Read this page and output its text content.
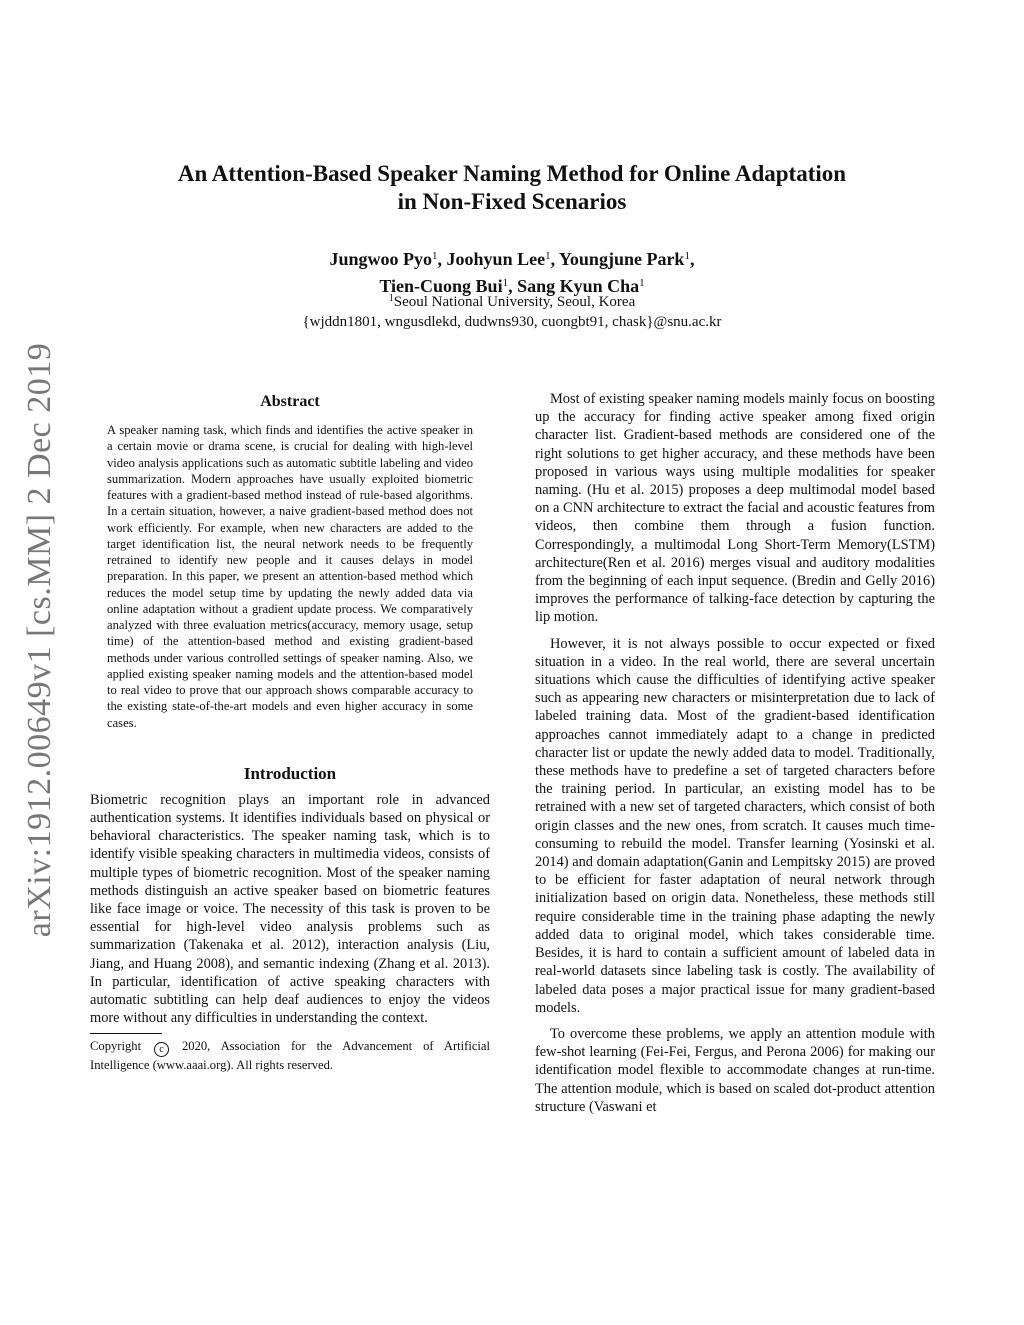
arXiv:1912.00649v1 [cs.MM] 2 Dec 2019
An Attention-Based Speaker Naming Method for Online Adaptation
in Non-Fixed Scenarios
Jungwoo Pyo$^1$, Joohyun Lee$^1$, Youngjune Park$^1$,
Tien-Cuong Bui$^1$, Sang Kyun Cha$^1$
$^1$Seoul National University, Seoul, Korea
{wjddn1801, wngusdlekd, dudwns930, cuongbt91, chask}@snu.ac.kr
Abstract

A speaker naming task, which finds and identifies the active speaker in a certain movie or drama scene, is crucial for dealing with high-level video analysis applications such as automatic subtitle labeling and video summarization. Modern approaches have usually exploited biometric features with a gradient-based method instead of rule-based algorithms. In a certain situation, however, a naive gradient-based method does not work efficiently. For example, when new characters are added to the target identification list, the neural network needs to be frequently retrained to identify new people and it causes delays in model preparation. In this paper, we present an attention-based method which reduces the model setup time by updating the newly added data via online adaptation without a gradient update process. We comparatively analyzed with three evaluation metrics(accuracy, memory usage, setup time) of the attention-based method and existing gradient-based methods under various controlled settings of speaker naming. Also, we applied existing speaker naming models and the attention-based model to real video to prove that our approach shows comparable accuracy to the existing state-of-the-art models and even higher accuracy in some cases.

Introduction

Biometric recognition plays an important role in advanced authentication systems. It identifies individuals based on physical or behavioral characteristics. The speaker naming task, which is to identify visible speaking characters in multimedia videos, consists of multiple types of biometric recognition. Most of the speaker naming methods distinguish an active speaker based on biometric features like face image or voice. The necessity of this task is proven to be essential for high-level video analysis problems such as summarization (Takenaka et al. 2012), interaction analysis (Liu, Jiang, and Huang 2008), and semantic indexing (Zhang et al. 2013). In particular, identification of active speaking characters with automatic subtitling can help deaf audiences to enjoy the videos more without any difficulties in understanding the context.

Copyright c 2020, Association for the Advancement of Artificial Intelligence (www.aaai.org). All rights reserved.

Most of existing speaker naming models mainly focus on boosting up the accuracy for finding active speaker among fixed origin character list. Gradient-based methods are considered one of the right solutions to get higher accuracy, and these methods have been proposed in various ways using multiple modalities for speaker naming. (Hu et al. 2015) proposes a deep multimodal model based on a CNN architecture to extract the facial and acoustic features from videos, then combine them through a fusion function. Correspondingly, a multimodal Long Short-Term Memory(LSTM) architecture(Ren et al. 2016) merges visual and auditory modalities from the beginning of each input sequence. (Bredin and Gelly 2016) improves the performance of talking-face detection by capturing the lip motion.

However, it is not always possible to occur expected or fixed situation in a video. In the real world, there are several uncertain situations which cause the difficulties of identifying active speaker such as appearing new characters or misinterpretation due to lack of labeled training data. Most of the gradient-based identification approaches cannot immediately adapt to a change in predicted character list or update the newly added data to model. Traditionally, these methods have to predefine a set of targeted characters before the training period. In particular, an existing model has to be retrained with a new set of targeted characters, which consist of both origin classes and the new ones, from scratch. It causes much time-consuming to rebuild the model. Transfer learning (Yosinski et al. 2014) and domain adaptation(Ganin and Lempitsky 2015) are proved to be efficient for faster adaptation of neural network through initialization based on origin data. Nonetheless, these methods still require considerable time in the training phase adapting the newly added data to original model, which takes considerable time. Besides, it is hard to contain a sufficient amount of labeled data in real-world datasets since labeling task is costly. The availability of labeled data poses a major practical issue for many gradient-based models.

To overcome these problems, we apply an attention module with few-shot learning (Fei-Fei, Fergus, and Perona 2006) for making our identification model flexible to accommodate changes at run-time. The attention module, which is based on scaled dot-product attention structure (Vaswani et
